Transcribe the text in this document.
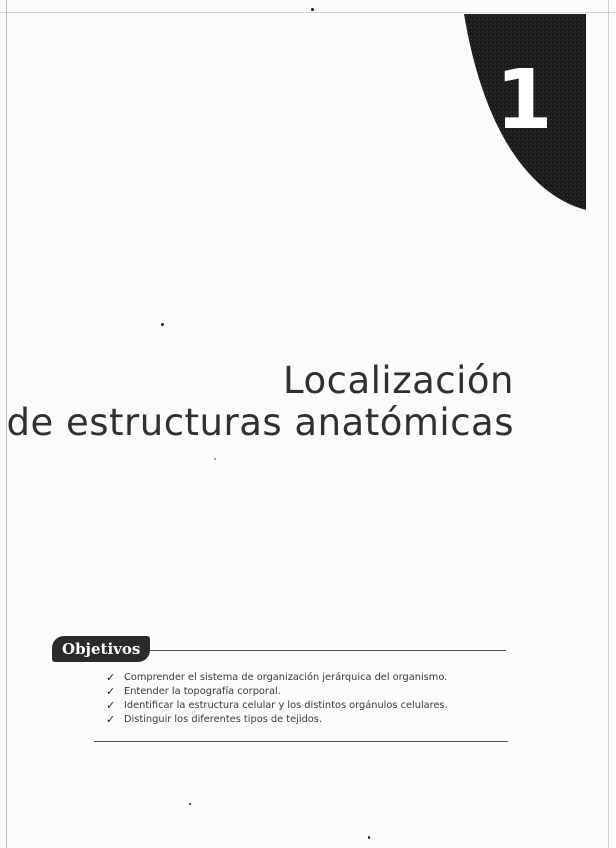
1
Localización
de estructuras anatómicas
Objetivos
✓ Comprender el sistema de organización jerárquica del organismo.
✓ Entender la topografía corporal.
✓ Identificar la estructura celular y los distintos orgánulos celulares.
✓ Distinguir los diferentes tipos de tejidos.
